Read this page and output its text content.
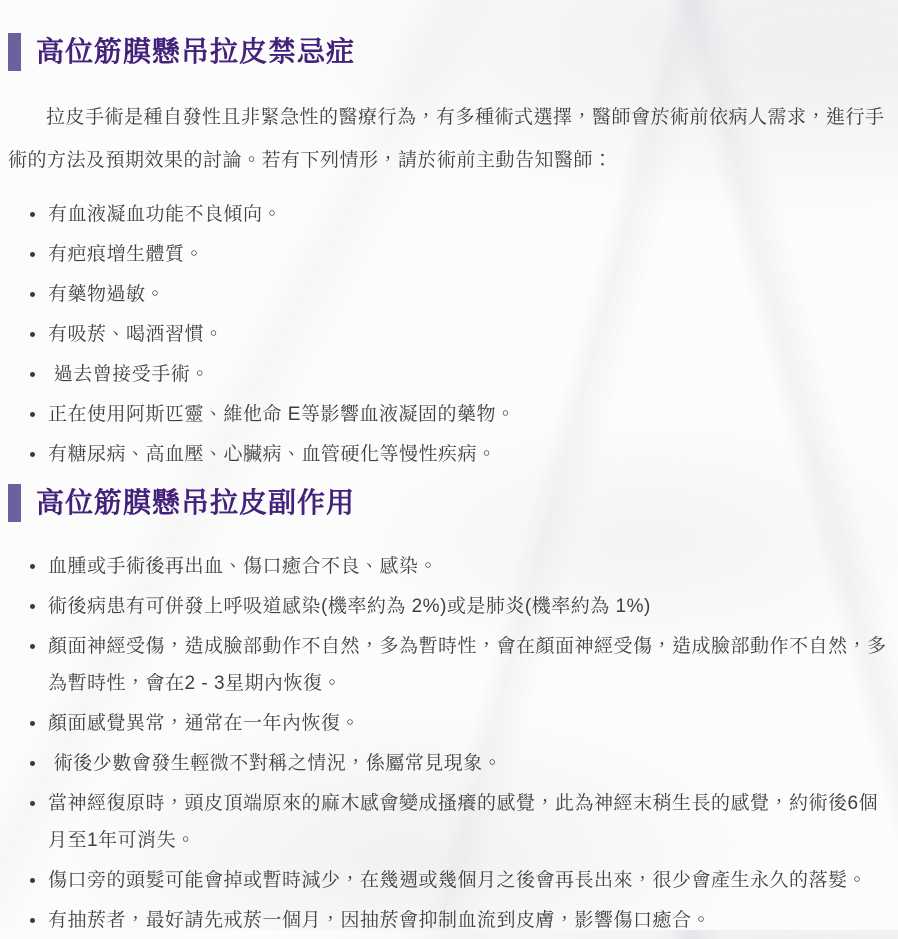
高位筋膜懸吊拉皮禁忌症

拉皮手術是種自發性且非緊急性的醫療行為，有多種術式選擇，醫師會於術前依病人需求，進行手術的方法及預期效果的討論。若有下列情形，請於術前主動告知醫師：

有血液凝血功能不良傾向。
有疤痕增生體質。
有藥物過敏。
有吸菸、喝酒習慣。
過去曾接受手術。
正在使用阿斯匹靈、維他命 E等影響血液凝固的藥物。
有糖尿病、高血壓、心臟病、血管硬化等慢性疾病。
高位筋膜懸吊拉皮副作用
血腫或手術後再出血、傷口癒合不良、感染。
術後病患有可併發上呼吸道感染(機率約為 2%)或是肺炎(機率約為 1%)
顏面神經受傷，造成臉部動作不自然，多為暫時性，會在顏面神經受傷，造成臉部動作不自然，多為暫時性，會在2 - 3星期內恢復。
顏面感覺異常，通常在一年內恢復。
術後少數會發生輕微不對稱之情況，係屬常見現象。
當神經復原時，頭皮頂端原來的麻木感會變成搔癢的感覺，此為神經末稍生長的感覺，約術後6個月至1年可消失。
傷口旁的頭髮可能會掉或暫時減少，在幾週或幾個月之後會再長出來，很少會產生永久的落髮。
有抽菸者，最好請先戒菸一個月，因抽菸會抑制血流到皮膚，影響傷口癒合。
